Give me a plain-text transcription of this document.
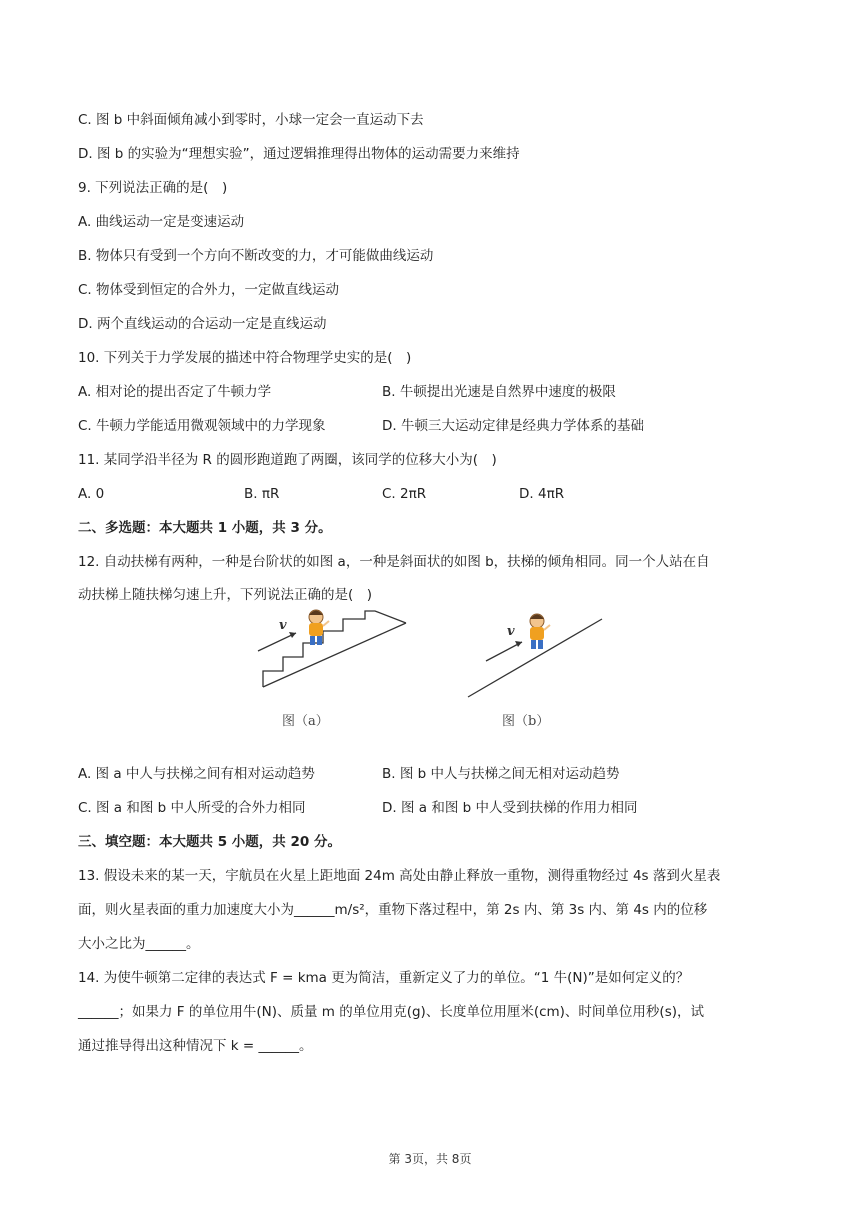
C. 图 b 中斜面倾角减小到零时，小球一定会一直运动下去
D. 图 b 的实验为“理想实验”，通过逻辑推理得出物体的运动需要力来维持
9. 下列说法正确的是(　)
A. 曲线运动一定是变速运动
B. 物体只有受到一个方向不断改变的力，才可能做曲线运动
C. 物体受到恒定的合外力，一定做直线运动
D. 两个直线运动的合运动一定是直线运动
10. 下列关于力学发展的描述中符合物理学史实的是(　)
A. 相对论的提出否定了牛顿力学	B. 牛顿提出光速是自然界中速度的极限
C. 牛顿力学能适用微观领域中的力学现象	D. 牛顿三大运动定律是经典力学体系的基础
11. 某同学沿半径为 R 的圆形跑道跑了两圈，该同学的位移大小为(　)
A. 0	B. πR	C. 2πR	D. 4πR
二、多选题：本大题共 1 小题，共 3 分。
12. 自动扶梯有两种，一种是台阶状的如图 a，一种是斜面状的如图 b，扶梯的倾角相同。同一个人站在自
动扶梯上随扶梯匀速上升，下列说法正确的是(　)
v
图（a）
v
图（b）
A. 图 a 中人与扶梯之间有相对运动趋势	B. 图 b 中人与扶梯之间无相对运动趋势
C. 图 a 和图 b 中人所受的合外力相同	D. 图 a 和图 b 中人受到扶梯的作用力相同
三、填空题：本大题共 5 小题，共 20 分。
13. 假设未来的某一天，宇航员在火星上距地面 24m 高处由静止释放一重物，测得重物经过 4s 落到火星表
面，则火星表面的重力加速度大小为______m/s²，重物下落过程中，第 2s 内、第 3s 内、第 4s 内的位移
大小之比为______。
14. 为使牛顿第二定律的表达式 F = kma 更为简洁，重新定义了力的单位。“1 牛(N)”是如何定义的？
______；如果力 F 的单位用牛(N)、质量 m 的单位用克(g)、长度单位用厘米(cm)、时间单位用秒(s)，试
通过推导得出这种情况下 k = ______。
第 3页，共 8页
